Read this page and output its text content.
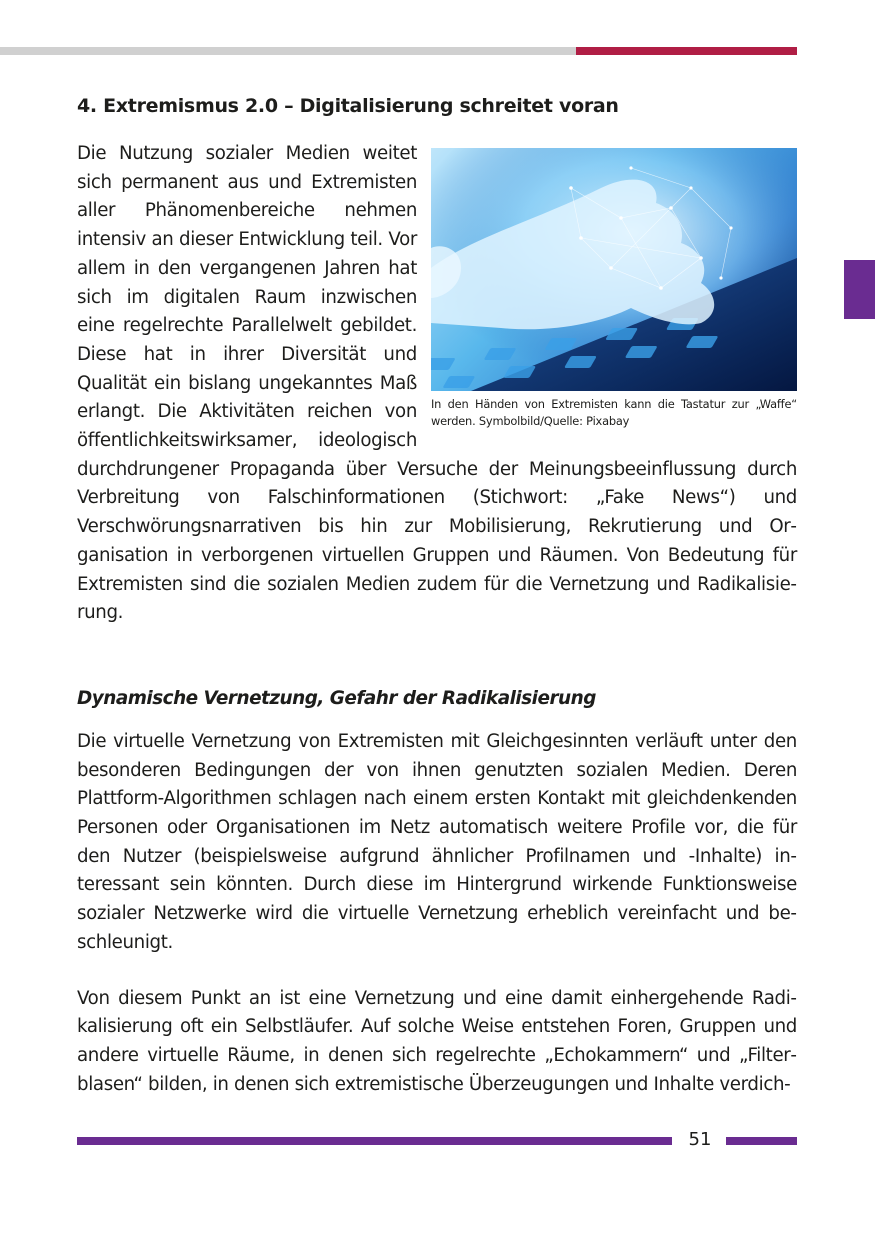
4. Extremismus 2.0 – Digitalisierung schreitet voran
In den Händen von Extremisten kann die Tastatur zur „Waffe“ werden. Symbolbild/Quelle: Pixabay

Die Nutzung sozialer Medien weitet sich permanent aus und Extremisten aller Phänomenbereiche nehmen intensiv an dieser Entwicklung teil. Vor allem in den vergangenen Jahren hat sich im digitalen Raum inzwischen eine regelrechte Parallelwelt gebildet. Diese hat in ihrer Diversität und Qualität ein bislang ungekanntes Maß erlangt. Die Aktivitäten reichen von öffentlichkeitswirksamer, ideologisch durchdrungener Propaganda über Versuche der Meinungsbeeinflussung durch Verbreitung von Falschinformationen (Stichwort: „Fake News“) und Verschwörungsnarrativen bis hin zur Mobilisierung, Rekrutierung und Organisation in verborgenen virtuellen Gruppen und Räumen. Von Bedeutung für Extremisten sind die sozialen Medien zudem für die Vernetzung und Radikalisierung.

Dynamische Vernetzung, Gefahr der Radikalisierung

Die virtuelle Vernetzung von Extremisten mit Gleichgesinnten verläuft unter den besonderen Bedingungen der von ihnen genutzten sozialen Medien. Deren Plattform-Algorithmen schlagen nach einem ersten Kontakt mit gleichdenkenden Personen oder Organisationen im Netz automatisch weitere Profile vor, die für den Nutzer (beispielsweise aufgrund ähnlicher Profilnamen und -Inhalte) interessant sein könnten. Durch diese im Hintergrund wirkende Funktionsweise sozialer Netzwerke wird die virtuelle Vernetzung erheblich vereinfacht und beschleunigt.

Von diesem Punkt an ist eine Vernetzung und eine damit einhergehende Radikalisierung oft ein Selbstläufer. Auf solche Weise entstehen Foren, Gruppen und andere virtuelle Räume, in denen sich regelrechte „Echokammern“ und „Filterblasen“ bilden, in denen sich extremistische Überzeugungen und Inhalte verdich-

51
